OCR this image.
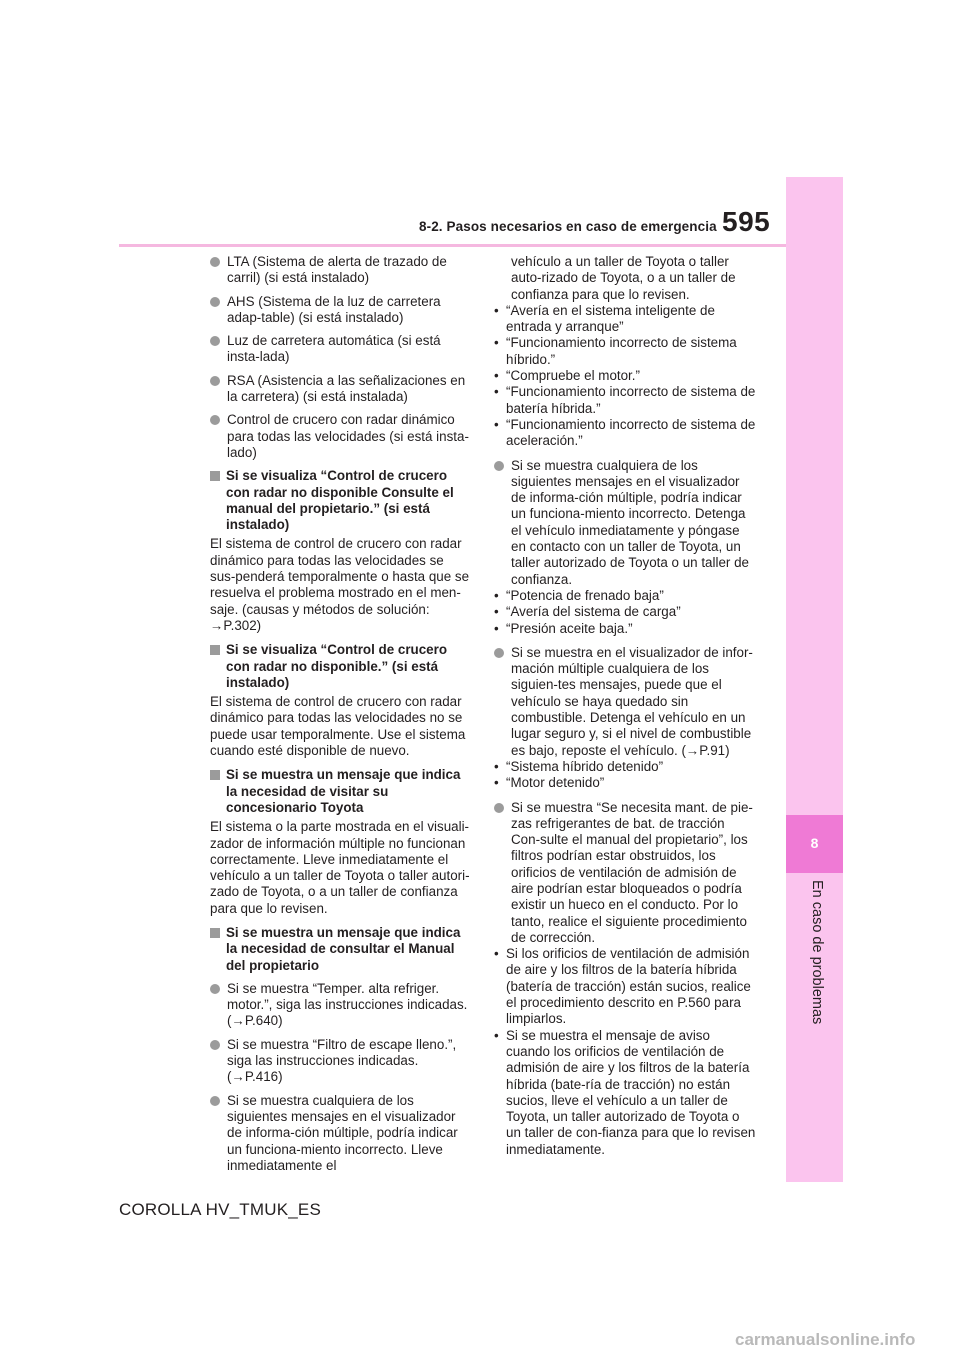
8-2. Pasos necesarios en caso de emergencia 595
8
En caso de problemas
LTA (Sistema de alerta de trazado de carril) (si está instalado)
AHS (Sistema de la luz de carretera adap-table) (si está instalado)
Luz de carretera automática (si está insta-lada)
RSA (Asistencia a las señalizaciones en la carretera) (si está instalada)
Control de crucero con radar dinámico para todas las velocidades (si está insta-lado)
Si se visualiza “Control de crucero con radar no disponible Consulte el manual del propietario.” (si está instalado)
El sistema de control de crucero con radar dinámico para todas las velocidades se sus-penderá temporalmente o hasta que se resuelva el problema mostrado en el men-saje. (causas y métodos de solución: →P.302)
Si se visualiza “Control de crucero con radar no disponible.” (si está instalado)
El sistema de control de crucero con radar dinámico para todas las velocidades no se puede usar temporalmente. Use el sistema cuando esté disponible de nuevo.
Si se muestra un mensaje que indica la necesidad de visitar su concesionario Toyota
El sistema o la parte mostrada en el visuali-zador de información múltiple no funcionan correctamente. Lleve inmediatamente el vehículo a un taller de Toyota o taller autori-zado de Toyota, o a un taller de confianza para que lo revisen.
Si se muestra un mensaje que indica la necesidad de consultar el Manual del propietario
Si se muestra “Temper. alta refriger. motor.”, siga las instrucciones indicadas. (→P.640)
Si se muestra “Filtro de escape lleno.”, siga las instrucciones indicadas. (→P.416)
Si se muestra cualquiera de los siguientes mensajes en el visualizador de informa-ción múltiple, podría indicar un funciona-miento incorrecto. Lleve inmediatamente el
vehículo a un taller de Toyota o taller auto-rizado de Toyota, o a un taller de confianza para que lo revisen.
• “Avería en el sistema inteligente de entrada y arranque”
• “Funcionamiento incorrecto de sistema híbrido.”
• “Compruebe el motor.”
• “Funcionamiento incorrecto de sistema de batería híbrida.”
• “Funcionamiento incorrecto de sistema de aceleración.”
Si se muestra cualquiera de los siguientes mensajes en el visualizador de informa-ción múltiple, podría indicar un funciona-miento incorrecto. Detenga el vehículo inmediatamente y póngase en contacto con un taller de Toyota, un taller autorizado de Toyota o un taller de confianza.
• “Potencia de frenado baja”
• “Avería del sistema de carga”
• “Presión aceite baja.”
Si se muestra en el visualizador de infor-mación múltiple cualquiera de los siguien-tes mensajes, puede que el vehículo se haya quedado sin combustible. Detenga el vehículo en un lugar seguro y, si el nivel de combustible es bajo, reposte el vehículo. (→P.91)
• “Sistema híbrido detenido”
• “Motor detenido”
Si se muestra “Se necesita mant. de pie-zas refrigerantes de bat. de tracción Con-sulte el manual del propietario”, los filtros podrían estar obstruidos, los orificios de ventilación de admisión de aire podrían estar bloqueados o podría existir un hueco en el conducto. Por lo tanto, realice el siguiente procedimiento de corrección.
• Si los orificios de ventilación de admisión de aire y los filtros de la batería híbrida (batería de tracción) están sucios, realice el procedimiento descrito en P.560 para limpiarlos.
• Si se muestra el mensaje de aviso cuando los orificios de ventilación de admisión de aire y los filtros de la batería híbrida (bate-ría de tracción) no están sucios, lleve el vehículo a un taller de Toyota, un taller autorizado de Toyota o un taller de con-fianza para que lo revisen inmediatamente.
COROLLA HV_TMUK_ES
carmanualsonline.info
